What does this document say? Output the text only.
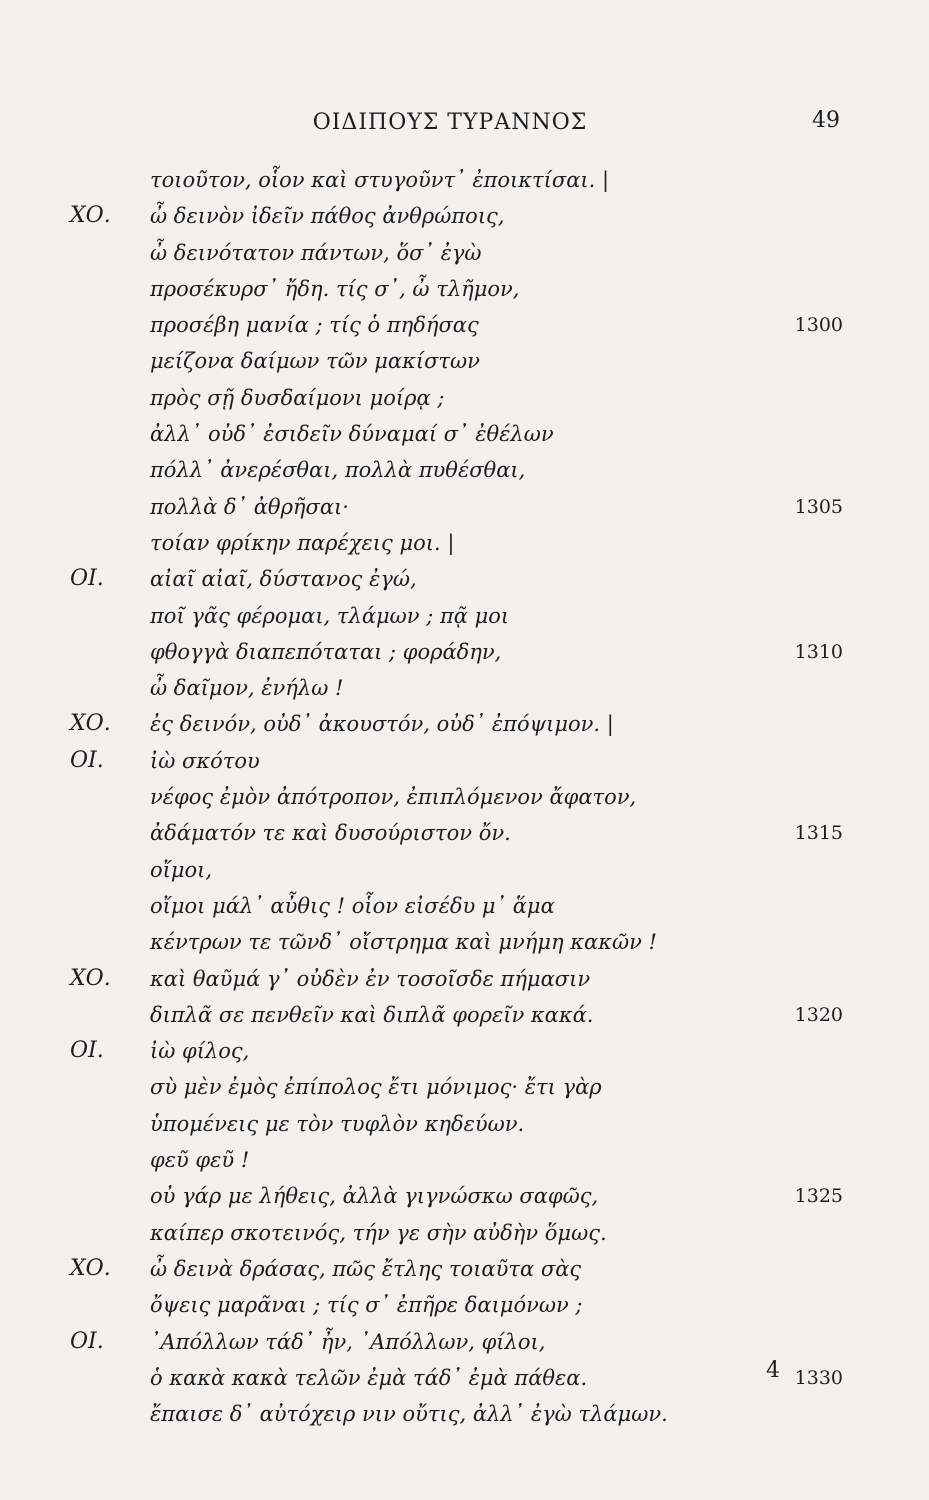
ΟΙΔΙΠΟΥΣ ΤΥΡΑΝΝΟΣ	49
τοιοῦτον, οἷον καὶ στυγοῦντ᾽ ἐποικτίσαι. |
ΧΟ.	ὦ δεινὸν ἰδεῖν πάθος ἀνθρώποις,
ὦ δεινότατον πάντων, ὅσ᾽ ἐγὼ
προσέκυρσ᾽ ἤδη. τίς σ᾽, ὦ τλῆμον,
προσέβη μανία ; τίς ὁ πηδήσας	1300
μείζονα δαίμων τῶν μακίστων
πρὸς σῇ δυσδαίμονι μοίρᾳ ;
ἀλλ᾽ οὐδ᾽ ἐσιδεῖν δύναμαί σ᾽ ἐθέλων
πόλλ᾽ ἀνερέσθαι, πολλὰ πυθέσθαι,
πολλὰ δ᾽ ἀθρῆσαι·	1305
τοίαν φρίκην παρέχεις μοι. |
ΟΙ.	αἰαῖ αἰαῖ, δύστανος ἐγώ,
ποῖ γᾶς φέρομαι, τλάμων ; πᾷ μοι
φθογγὰ διαπεπόταται ; φοράδην,	1310
ὦ δαῖμον, ἐνήλω !
ΧΟ.	ἐς δεινόν, οὐδ᾽ ἀκουστόν, οὐδ᾽ ἐπόψιμον. |
ΟΙ.	ἰὼ σκότου
νέφος ἐμὸν ἀπότροπον, ἐπιπλόμενον ἄφατον,
ἀδάματόν τε καὶ δυσούριστον ὄν.	1315
οἴμοι,
οἴμοι μάλ᾽ αὖθις ! οἷον εἰσέδυ μ᾽ ἅμα
κέντρων τε τῶνδ᾽ οἴστρημα καὶ μνήμη κακῶν !
ΧΟ.	καὶ θαῦμά γ᾽ οὐδὲν ἐν τοσοῖσδε πήμασιν
διπλᾶ σε πενθεῖν καὶ διπλᾶ φορεῖν κακά.	1320
ΟΙ.	ἰὼ φίλος,
σὺ μὲν ἐμὸς ἐπίπολος ἔτι μόνιμος· ἔτι γὰρ
ὑπομένεις με τὸν τυφλὸν κηδεύων.
φεῦ φεῦ !
οὐ γάρ με λήθεις, ἀλλὰ γιγνώσκω σαφῶς,	1325
καίπερ σκοτεινός, τήν γε σὴν αὐδὴν ὅμως.
ΧΟ.	ὦ δεινὰ δράσας, πῶς ἔτλης τοιαῦτα σὰς
ὄψεις μαρᾶναι ; τίς σ᾽ ἐπῆρε δαιμόνων ;
ΟΙ.	᾽Απόλλων τάδ᾽ ἦν, ᾽Απόλλων, φίλοι,
ὁ κακὰ κακὰ τελῶν ἐμὰ τάδ᾽ ἐμὰ πάθεα.	1330
ἔπαισε δ᾽ αὐτόχειρ νιν οὔτις, ἀλλ᾽ ἐγὼ τλάμων.
4
